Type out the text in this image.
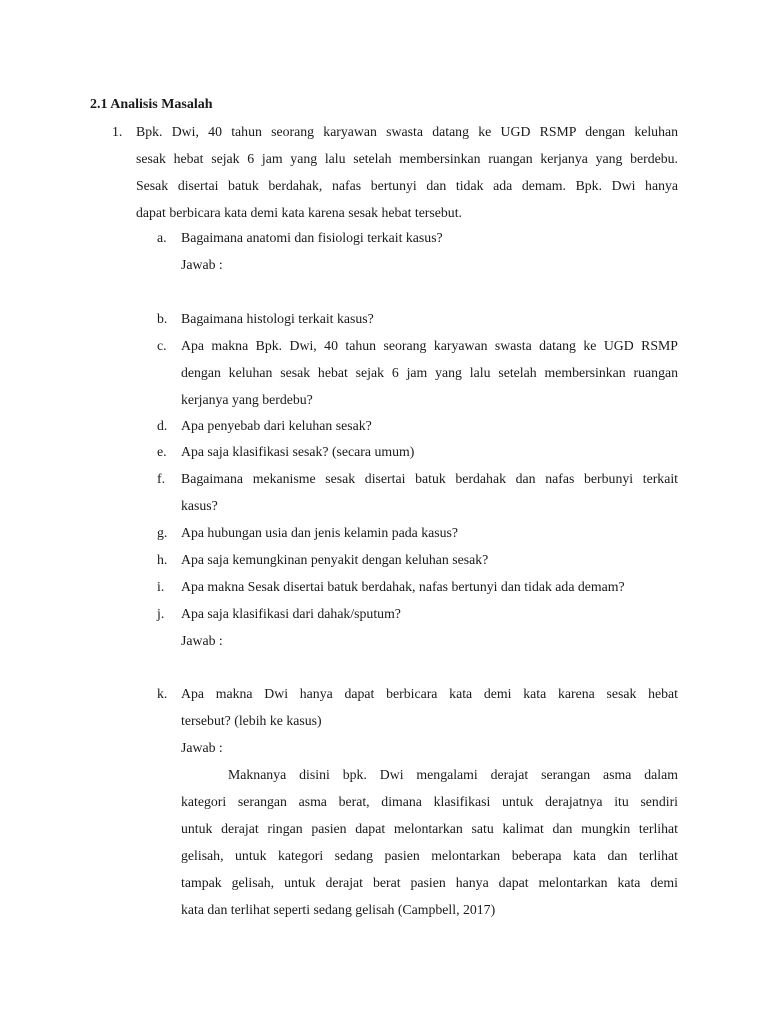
2.1 Analisis Masalah
1. Bpk. Dwi, 40 tahun seorang karyawan swasta datang ke UGD RSMP dengan keluhan
sesak hebat sejak 6 jam yang lalu setelah membersinkan ruangan kerjanya yang berdebu.
Sesak disertai batuk berdahak, nafas bertunyi dan tidak ada demam. Bpk. Dwi hanya
dapat berbicara kata demi kata karena sesak hebat tersebut.
a. Bagaimana anatomi dan fisiologi terkait kasus?
Jawab :
b. Bagaimana histologi terkait kasus?
c. Apa makna Bpk. Dwi, 40 tahun seorang karyawan swasta datang ke UGD RSMP
dengan keluhan sesak hebat sejak 6 jam yang lalu setelah membersinkan ruangan
kerjanya yang berdebu?
d. Apa penyebab dari keluhan sesak?
e. Apa saja klasifikasi sesak? (secara umum)
f. Bagaimana mekanisme sesak disertai batuk berdahak dan nafas berbunyi terkait
kasus?
g. Apa hubungan usia dan jenis kelamin pada kasus?
h. Apa saja kemungkinan penyakit dengan keluhan sesak?
i. Apa makna Sesak disertai batuk berdahak, nafas bertunyi dan tidak ada demam?
j. Apa saja klasifikasi dari dahak/sputum?
Jawab :
k. Apa makna Dwi hanya dapat berbicara kata demi kata karena sesak hebat
tersebut? (lebih ke kasus)
Jawab :
Maknanya disini bpk. Dwi mengalami derajat serangan asma dalam
kategori serangan asma berat, dimana klasifikasi untuk derajatnya itu sendiri
untuk derajat ringan pasien dapat melontarkan satu kalimat dan mungkin terlihat
gelisah, untuk kategori sedang pasien melontarkan beberapa kata dan terlihat
tampak gelisah, untuk derajat berat pasien hanya dapat melontarkan kata demi
kata dan terlihat seperti sedang gelisah (Campbell, 2017)
